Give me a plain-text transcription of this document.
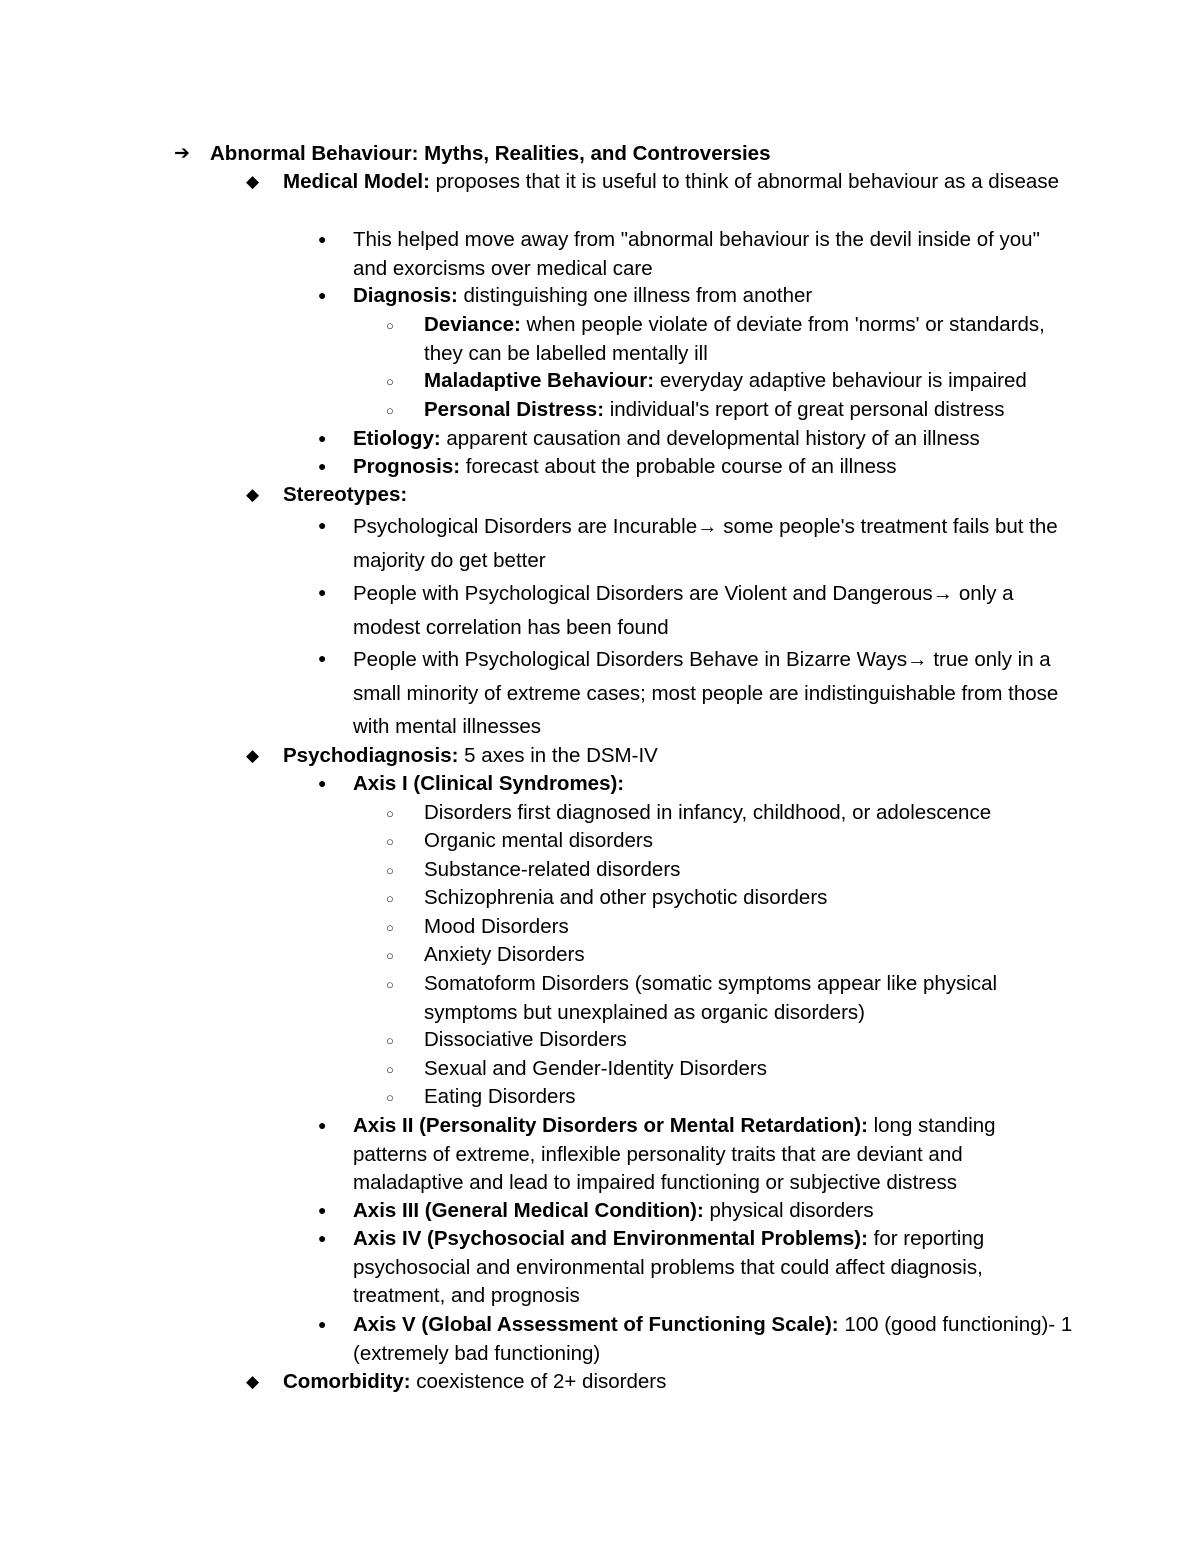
➔ Abnormal Behaviour: Myths, Realities, and Controversies
◆	Medical Model: proposes that it is useful to think of abnormal behaviour as a disease
●	This helped move away from "abnormal behaviour is the devil inside of you" and exorcisms over medical care
●	Diagnosis: distinguishing one illness from another
○	Deviance: when people violate of deviate from 'norms' or standards, they can be labelled mentally ill
○	Maladaptive Behaviour: everyday adaptive behaviour is impaired
○	Personal Distress: individual's report of great personal distress
●	Etiology: apparent causation and developmental history of an illness
●	Prognosis: forecast about the probable course of an illness
◆	Stereotypes:
●	Psychological Disorders are Incurable→ some people's treatment fails but the majority do get better
●	People with Psychological Disorders are Violent and Dangerous→ only a modest correlation has been found
●	People with Psychological Disorders Behave in Bizarre Ways→ true only in a small minority of extreme cases; most people are indistinguishable from those with mental illnesses
◆	Psychodiagnosis: 5 axes in the DSM-IV
●	Axis I (Clinical Syndromes):
○	Disorders first diagnosed in infancy, childhood, or adolescence
○	Organic mental disorders
○	Substance-related disorders
○	Schizophrenia and other psychotic disorders
○	Mood Disorders
○	Anxiety Disorders
○	Somatoform Disorders (somatic symptoms appear like physical symptoms but unexplained as organic disorders)
○	Dissociative Disorders
○	Sexual and Gender-Identity Disorders
○	Eating Disorders
●	Axis II (Personality Disorders or Mental Retardation): long standing patterns of extreme, inflexible personality traits that are deviant and maladaptive and lead to impaired functioning or subjective distress
●	Axis III (General Medical Condition): physical disorders
●	Axis IV (Psychosocial and Environmental Problems): for reporting psychosocial and environmental problems that could affect diagnosis, treatment, and prognosis
●	Axis V (Global Assessment of Functioning Scale): 100 (good functioning)- 1 (extremely bad functioning)
◆	Comorbidity: coexistence of 2+ disorders
